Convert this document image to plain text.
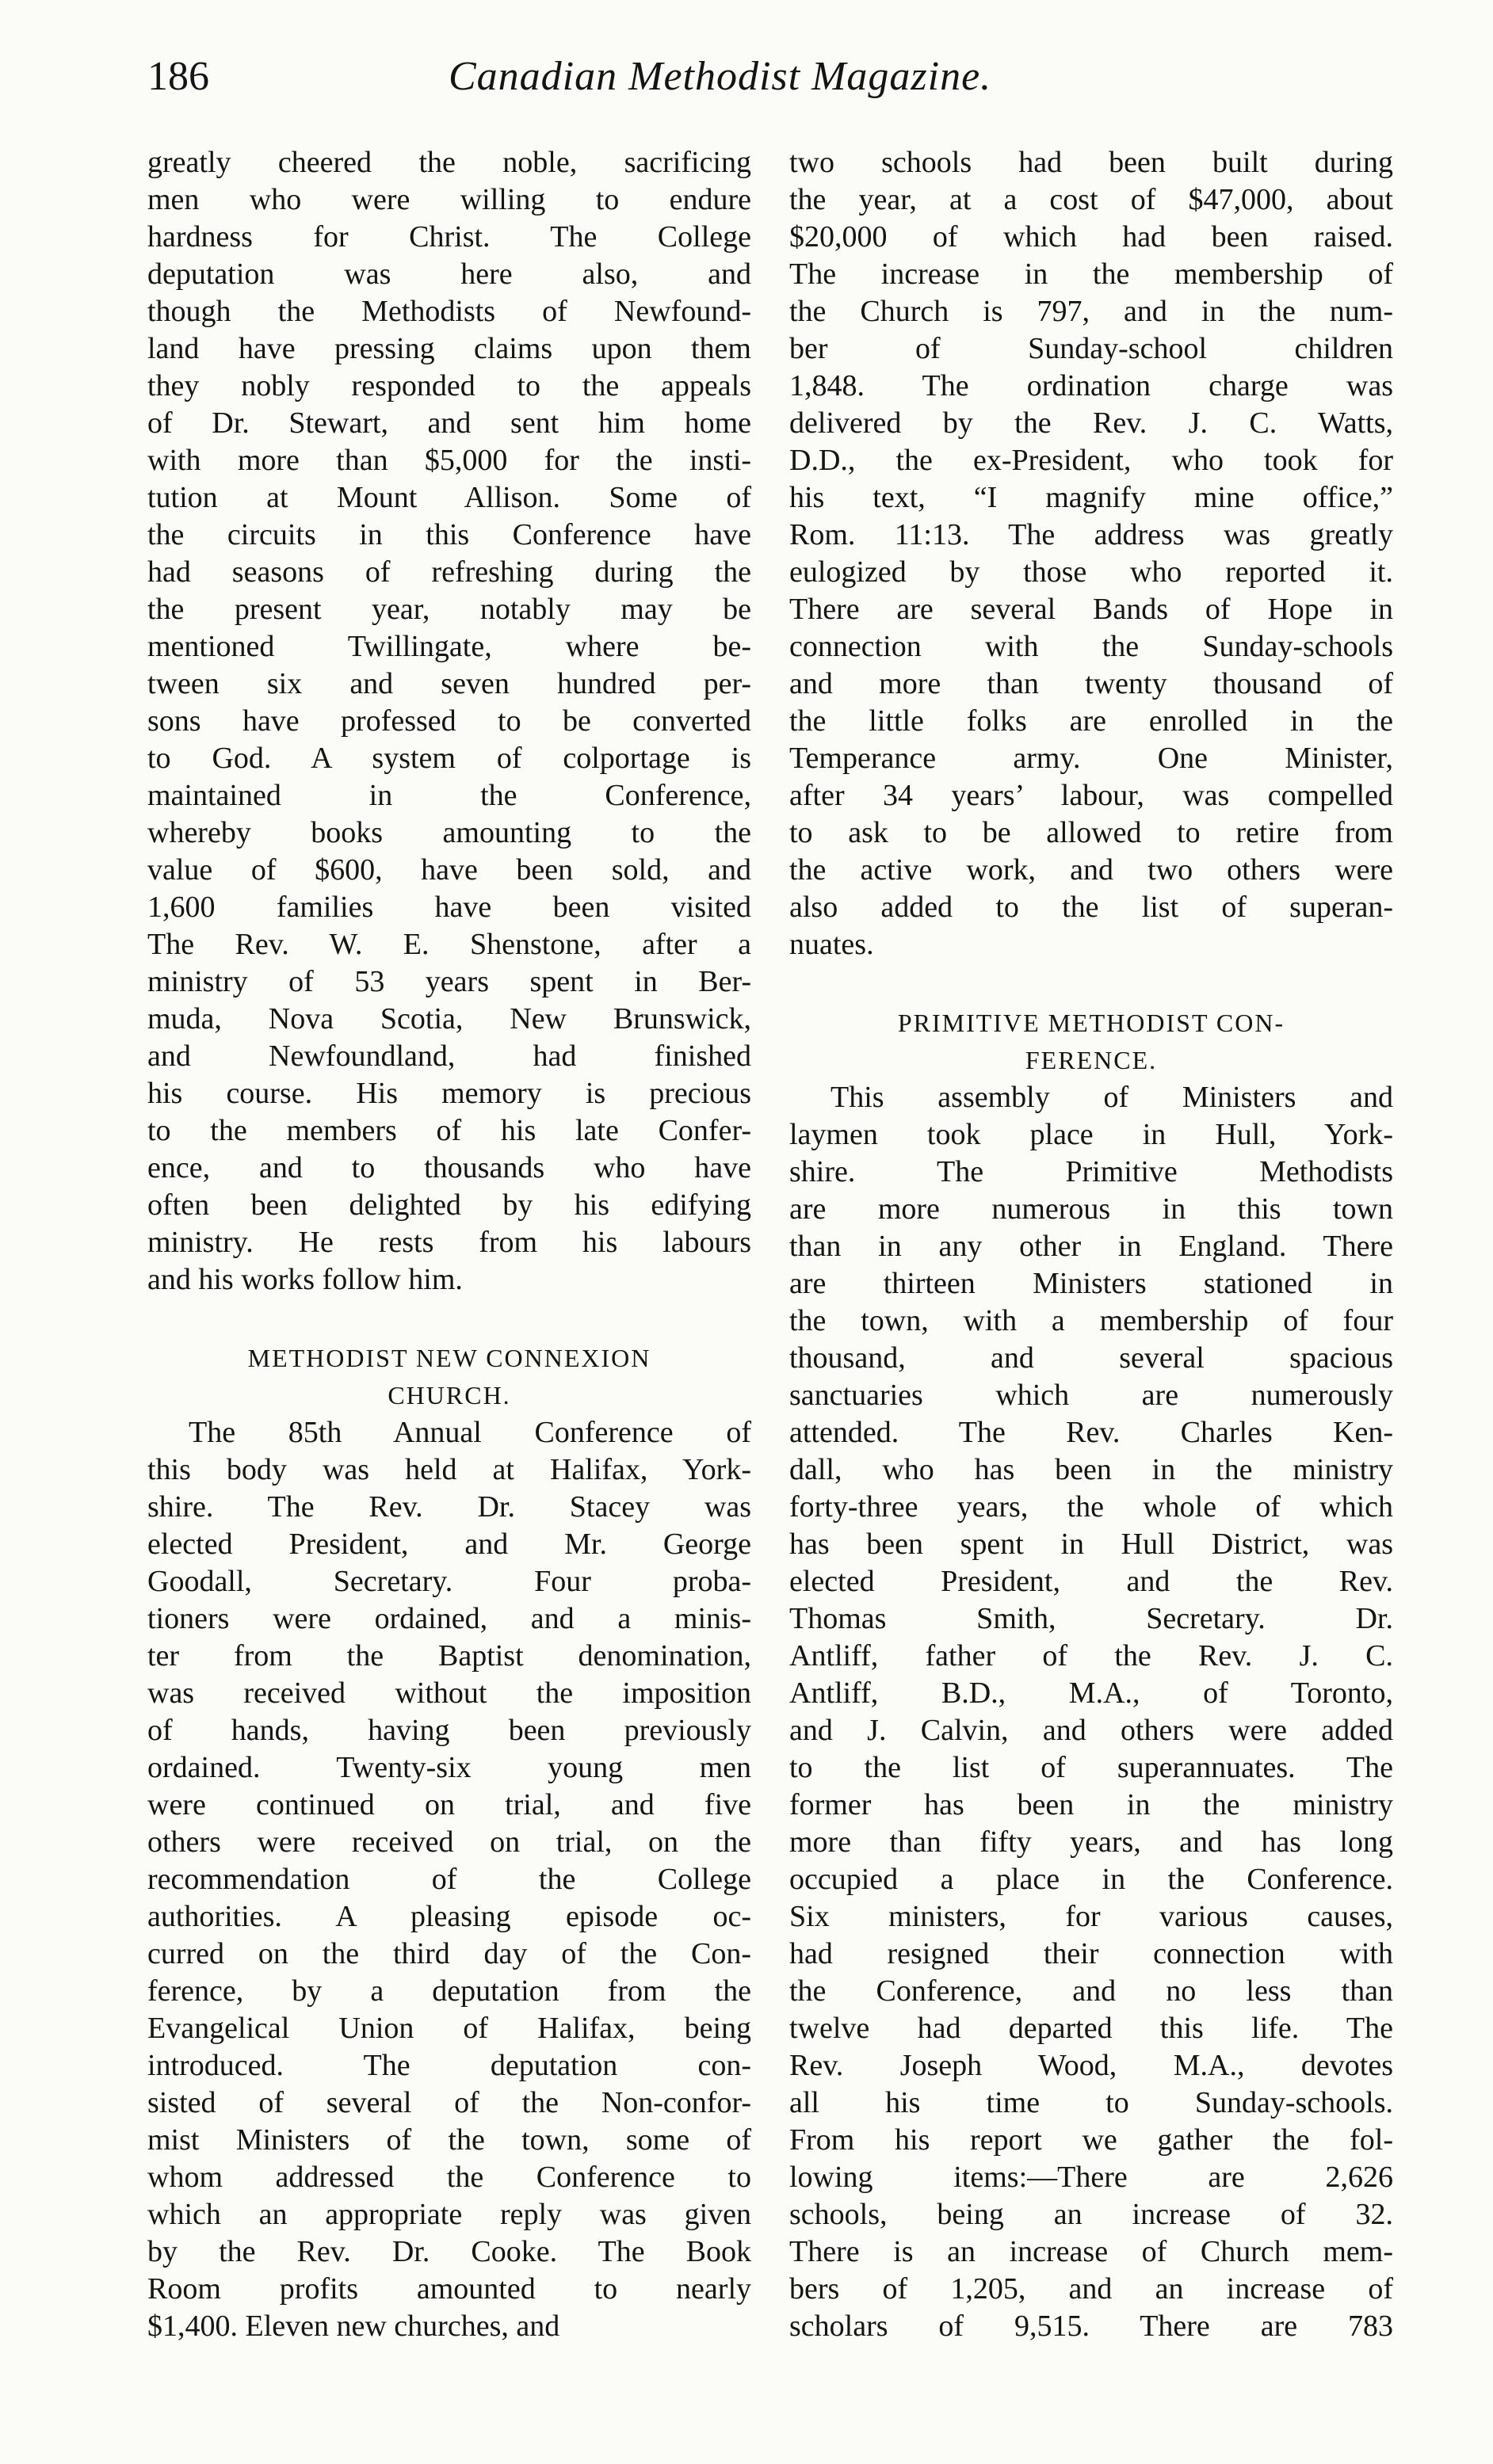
186	Canadian Methodist Magazine.
greatly cheered the noble, sacrificing
men who were willing to endure
hardness for Christ. The College
deputation was here also, and
though the Methodists of Newfound-
land have pressing claims upon them
they nobly responded to the appeals
of Dr. Stewart, and sent him home
with more than $5,000 for the insti-
tution at Mount Allison. Some of
the circuits in this Conference have
had seasons of refreshing during the
the present year, notably may be
mentioned Twillingate, where be-
tween six and seven hundred per-
sons have professed to be converted
to God. A system of colportage is
maintained in the Conference,
whereby books amounting to the
value of $600, have been sold, and
1,600 families have been visited
The Rev. W. E. Shenstone, after a
ministry of 53 years spent in Ber-
muda, Nova Scotia, New Brunswick,
and Newfoundland, had finished
his course. His memory is precious
to the members of his late Confer-
ence, and to thousands who have
often been delighted by his edifying
ministry. He rests from his labours
and his works follow him.
METHODIST NEW CONNEXION
CHURCH.
The 85th Annual Conference of
this body was held at Halifax, York-
shire. The Rev. Dr. Stacey was
elected President, and Mr. George
Goodall, Secretary. Four proba-
tioners were ordained, and a minis-
ter from the Baptist denomination,
was received without the imposition
of hands, having been previously
ordained. Twenty-six young men
were continued on trial, and five
others were received on trial, on the
recommendation of the College
authorities. A pleasing episode oc-
curred on the third day of the Con-
ference, by a deputation from the
Evangelical Union of Halifax, being
introduced. The deputation con-
sisted of several of the Non-confor-
mist Ministers of the town, some of
whom addressed the Conference to
which an appropriate reply was given
by the Rev. Dr. Cooke. The Book
Room profits amounted to nearly
$1,400. Eleven new churches, and
two schools had been built during
the year, at a cost of $47,000, about
$20,000 of which had been raised.
The increase in the membership of
the Church is 797, and in the num-
ber of Sunday-school children
1,848. The ordination charge was
delivered by the Rev. J. C. Watts,
D.D., the ex-President, who took for
his text, “I magnify mine office,”
Rom. 11:13. The address was greatly
eulogized by those who reported it.
There are several Bands of Hope in
connection with the Sunday-schools
and more than twenty thousand of
the little folks are enrolled in the
Temperance army. One Minister,
after 34 years’ labour, was compelled
to ask to be allowed to retire from
the active work, and two others were
also added to the list of superan-
nuates.
PRIMITIVE METHODIST CON-
FERENCE.
This assembly of Ministers and
laymen took place in Hull, York-
shire. The Primitive Methodists
are more numerous in this town
than in any other in England. There
are thirteen Ministers stationed in
the town, with a membership of four
thousand, and several spacious
sanctuaries which are numerously
attended. The Rev. Charles Ken-
dall, who has been in the ministry
forty-three years, the whole of which
has been spent in Hull District, was
elected President, and the Rev.
Thomas Smith, Secretary. Dr.
Antliff, father of the Rev. J. C.
Antliff, B.D., M.A., of Toronto,
and J. Calvin, and others were added
to the list of superannuates. The
former has been in the ministry
more than fifty years, and has long
occupied a place in the Conference.
Six ministers, for various causes,
had resigned their connection with
the Conference, and no less than
twelve had departed this life. The
Rev. Joseph Wood, M.A., devotes
all his time to Sunday-schools.
From his report we gather the fol-
lowing items:—There are 2,626
schools, being an increase of 32.
There is an increase of Church mem-
bers of 1,205, and an increase of
scholars of 9,515. There are 783
